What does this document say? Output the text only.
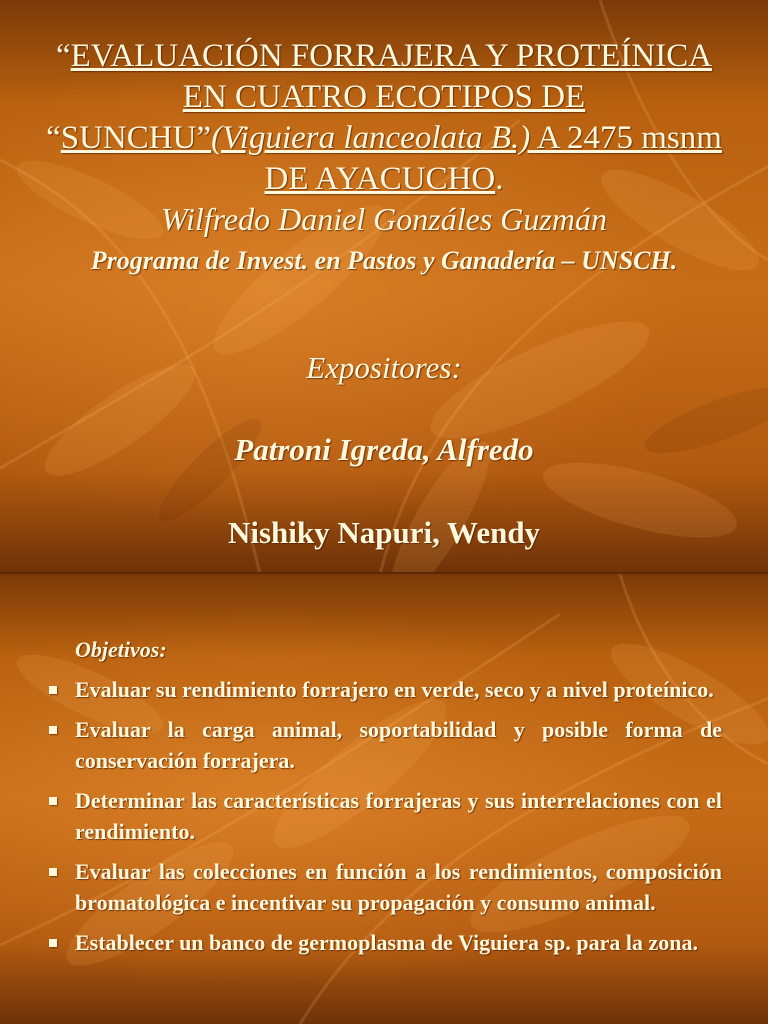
“EVALUACIÓN FORRAJERA Y PROTEÍNICA EN CUATRO ECOTIPOS DE “SUNCHU”(Viguiera lanceolata B.) A 2475 msnm DE AYACUCHO.
Wilfredo Daniel Gonzáles Guzmán
Programa de Invest. en Pastos y Ganadería – UNSCH.
Expositores:
Patroni Igreda, Alfredo
Nishiky Napuri, Wendy
Objetivos:
Evaluar su rendimiento forrajero en verde, seco y a nivel proteínico.
Evaluar la carga animal, soportabilidad y posible forma de conservación forrajera.
Determinar las características forrajeras y sus interrelaciones con el rendimiento.
Evaluar las colecciones en función a los rendimientos, composición bromatológica e incentivar su propagación y consumo animal.
Establecer un banco de germoplasma de Viguiera sp. para la zona.
